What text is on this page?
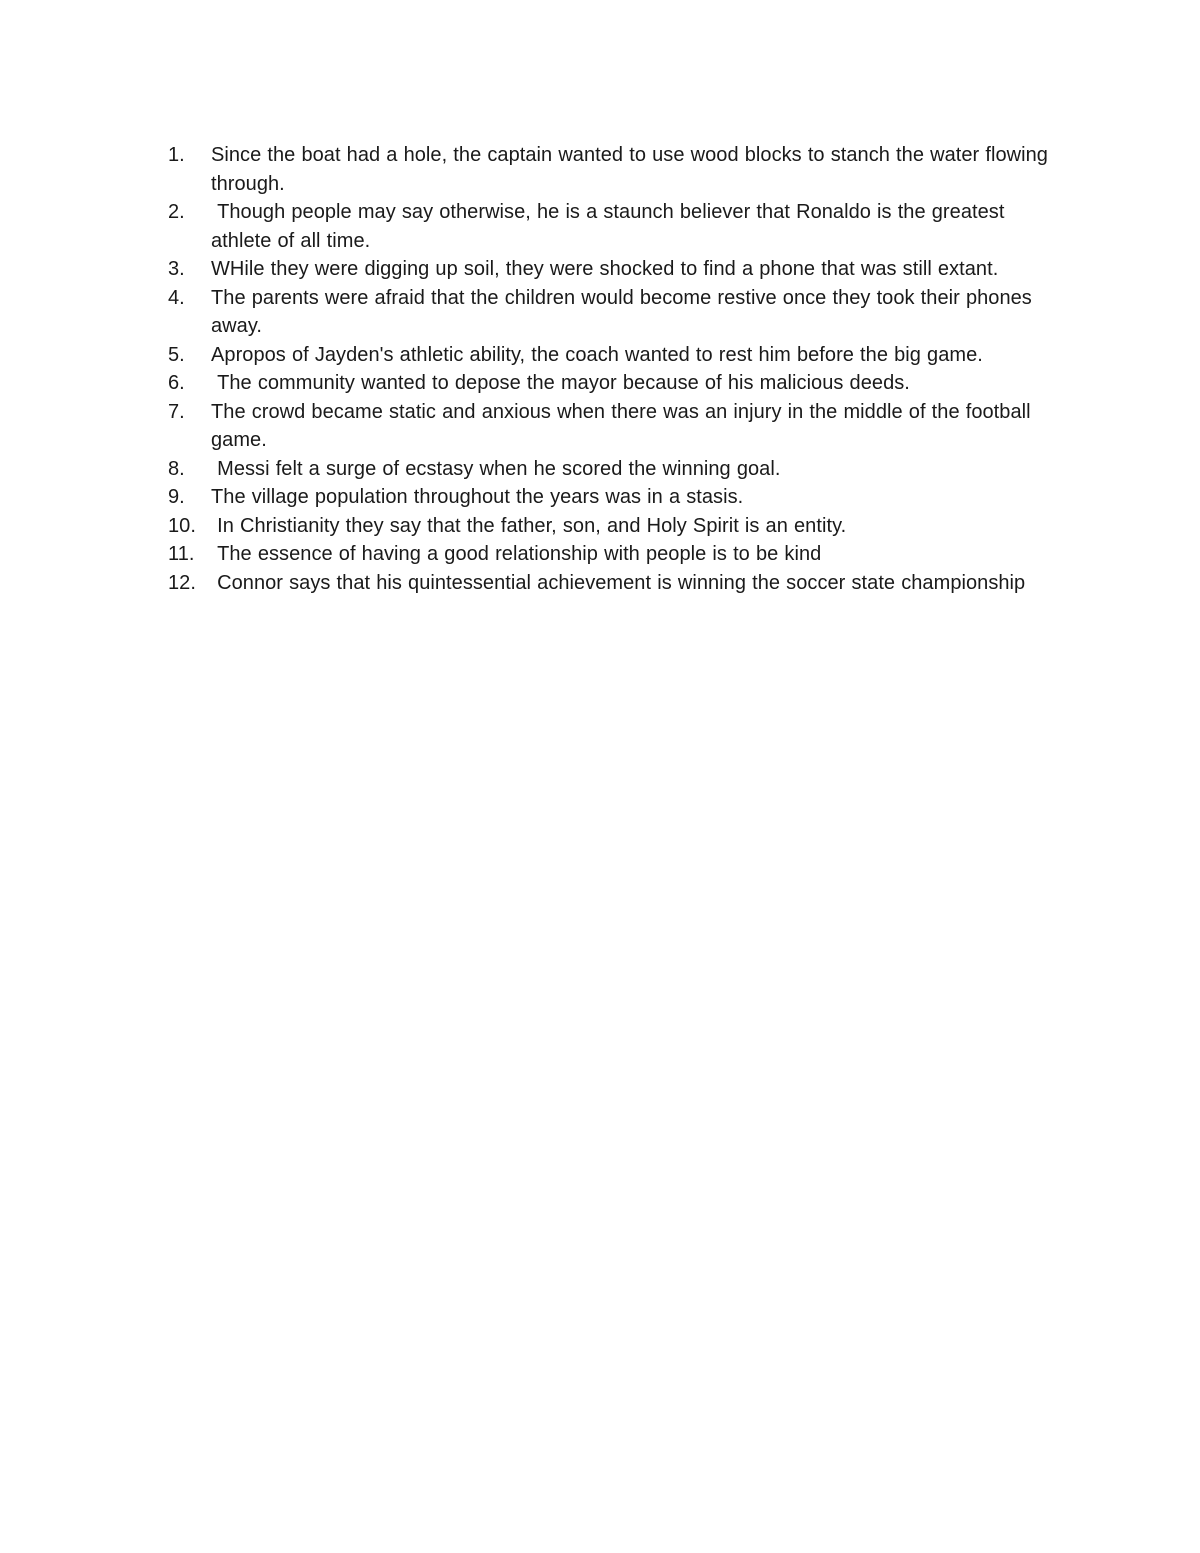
1.	Since the boat had a hole, the captain wanted to use wood blocks to stanch the water flowing through.
2.	Though people may say otherwise, he is a staunch believer that Ronaldo is the greatest athlete of all time.
3.	WHile they were digging up soil, they were shocked to find a phone that was still extant.
4.	The parents were afraid that the children would become restive once they took their phones away.
5.	Apropos of Jayden's athletic ability, the coach wanted to rest him before the big game.
6.	The community wanted to depose the mayor because of his malicious deeds.
7.	The crowd became static and anxious when there was an injury in the middle of the football game.
8.	Messi felt a surge of ecstasy when he scored the winning goal.
9.	The village population throughout the years was in a stasis.
10. In Christianity they say that the father, son, and Holy Spirit is an entity.
11. The essence of having a good relationship with people is to be kind
12. Connor says that his quintessential achievement is winning the soccer state championship
